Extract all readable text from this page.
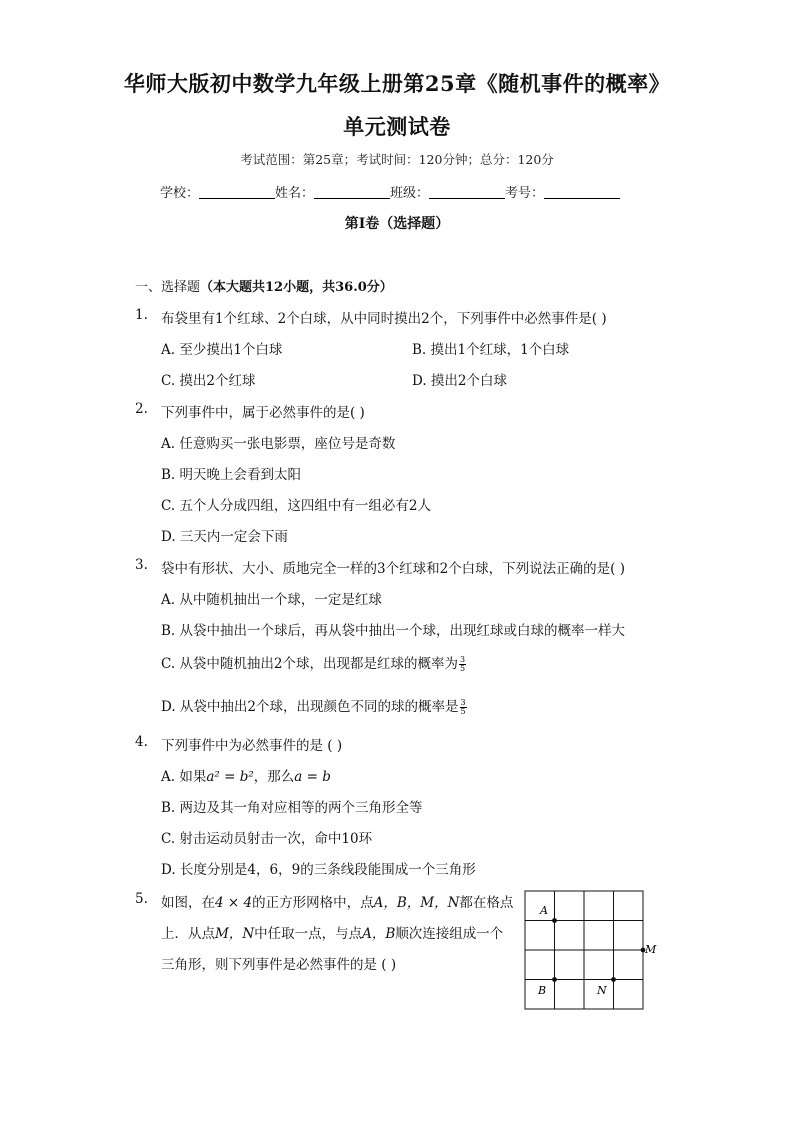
华师大版初中数学九年级上册第25章《随机事件的概率》
单元测试卷
考试范围：第25章；考试时间：120分钟；总分：120分
学校：	姓名：	班级：	考号：
第I卷（选择题）
一、选择题（本大题共12小题，共36.0分）
1. 布袋里有1个红球、2个白球，从中同时摸出2个，下列事件中必然事件是( )
A. 至少摸出1个白球	B. 摸出1个红球，1个白球
C. 摸出2个红球	D. 摸出2个白球
2. 下列事件中，属于必然事件的是( )
A. 任意购买一张电影票，座位号是奇数
B. 明天晚上会看到太阳
C. 五个人分成四组，这四组中有一组必有2人
D. 三天内一定会下雨
3. 袋中有形状、大小、质地完全一样的3个红球和2个白球，下列说法正确的是( )
A. 从中随机抽出一个球，一定是红球
B. 从袋中抽出一个球后，再从袋中抽出一个球，出现红球或白球的概率一样大
C. 从袋中随机抽出2个球，出现都是红球的概率为 $\frac{3}{5}$
D. 从袋中抽出2个球，出现颜色不同的球的概率是 $\frac{3}{5}$
4. 下列事件中为必然事件的是 ( )
A. 如果a² = b²，那么a = b
B. 两边及其一角对应相等的两个三角形全等
C. 射击运动员射击一次，命中10环
D. 长度分别是4，6，9的三条线段能围成一个三角形
5. 如图，在4 × 4的正方形网格中，点A，B，M，N都在格点
上．从点M，N中任取一点，与点A，B顺次连接组成一个
三角形，则下列事件是必然事件的是 ( )
A
M
B	N
